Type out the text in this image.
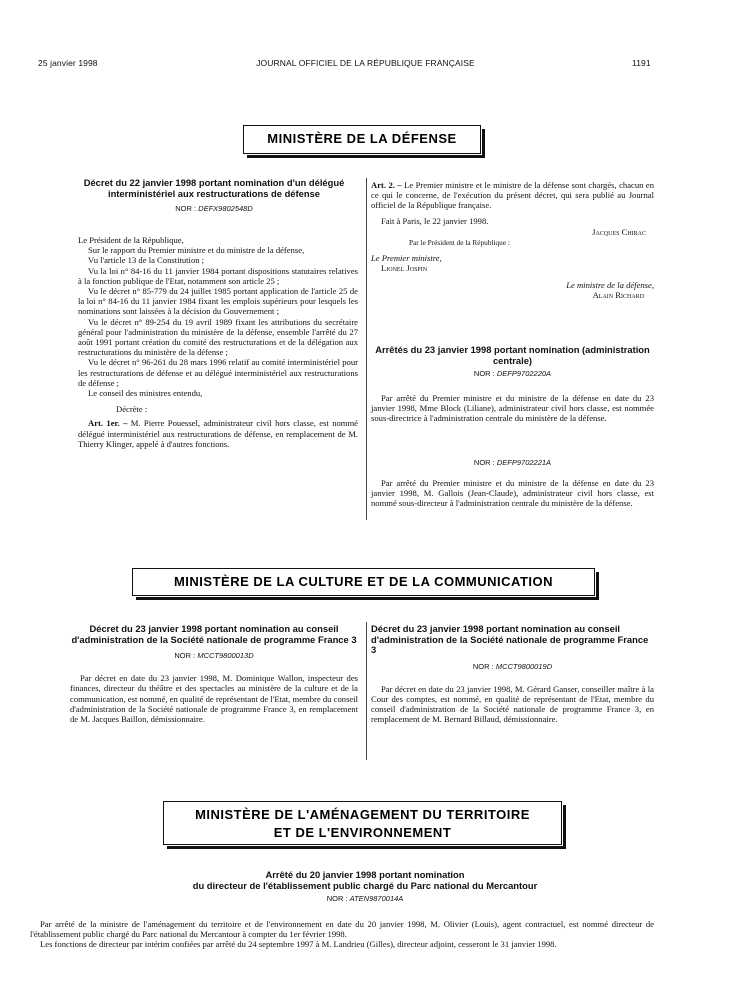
25 janvier 1998	JOURNAL OFFICIEL DE LA RÉPUBLIQUE FRANÇAISE	1191
MINISTÈRE DE LA DÉFENSE
Décret du 22 janvier 1998 portant nomination d'un délégué interministériel aux restructurations de défense
NOR : DEFX9802548D

Le Président de la République,

Sur le rapport du Premier ministre et du ministre de la défense,

Vu l'article 13 de la Constitution ;

Vu la loi n° 84-16 du 11 janvier 1984 portant dispositions statutaires relatives à la fonction publique de l'Etat, notamment son article 25 ;

Vu le décret n° 85-779 du 24 juillet 1985 portant application de l'article 25 de la loi n° 84-16 du 11 janvier 1984 fixant les emplois supérieurs pour lesquels les nominations sont laissées à la décision du Gouvernement ;

Vu le décret n° 89-254 du 19 avril 1989 fixant les attributions du secrétaire général pour l'administration du ministère de la défense, ensemble l'arrêté du 27 août 1991 portant création du comité des restructurations et de la délégation aux restructurations du ministère de la défense ;

Vu le décret n° 96-261 du 28 mars 1996 relatif au comité interministériel pour les restructurations de défense et au délégué interministériel aux restructurations de défense ;

Le conseil des ministres entendu,

Décrète :

Art. 1er. – M. Pierre Pouessel, administrateur civil hors classe, est nommé délégué interministériel aux restructurations de défense, en remplacement de M. Thierry Klinger, appelé à d'autres fonctions.

Art. 2. – Le Premier ministre et le ministre de la défense sont chargés, chacun en ce qui le concerne, de l'exécution du présent décret, qui sera publié au Journal officiel de la République française.

Fait à Paris, le 22 janvier 1998.

Jacques Chirac
Par le Président de la République :
Le Premier ministre,
Lionel Jospin
Le ministre de la défense,
Alain Richard
Arrêtés du 23 janvier 1998 portant nomination (administration centrale)
NOR : DEFP9702220A

Par arrêté du Premier ministre et du ministre de la défense en date du 23 janvier 1998, Mme Block (Liliane), administrateur civil hors classe, est nommée sous-directrice à l'administration centrale du ministère de la défense.

NOR : DEFP9702221A

Par arrêté du Premier ministre et du ministre de la défense en date du 23 janvier 1998, M. Gallois (Jean-Claude), administrateur civil hors classe, est nommé sous-directeur à l'administration centrale du ministère de la défense.

MINISTÈRE DE LA CULTURE ET DE LA COMMUNICATION
Décret du 23 janvier 1998 portant nomination au conseil d'administration de la Société nationale de programme France 3
NOR : MCCT9800013D

Par décret en date du 23 janvier 1998, M. Dominique Wallon, inspecteur des finances, directeur du théâtre et des spectacles au ministère de la culture et de la communication, est nommé, en qualité de représentant de l'Etat, membre du conseil d'administration de la Société nationale de programme France 3, en remplacement de M. Jacques Baillon, démissionnaire.

Décret du 23 janvier 1998 portant nomination au conseil d'administration de la Société nationale de programme France 3
NOR : MCCT9800019D

Par décret en date du 23 janvier 1998, M. Gérard Ganser, conseiller maître à la Cour des comptes, est nommé, en qualité de représentant de l'Etat, membre du conseil d'administration de la Société nationale de programme France 3, en remplacement de M. Bernard Billaud, démissionnaire.

MINISTÈRE DE L'AMÉNAGEMENT DU TERRITOIRE
ET DE L'ENVIRONNEMENT
Arrêté du 20 janvier 1998 portant nomination
du directeur de l'établissement public chargé du Parc national du Mercantour
NOR : ATEN9870014A

Par arrêté de la ministre de l'aménagement du territoire et de l'environnement en date du 20 janvier 1998, M. Olivier (Louis), agent contractuel, est nommé directeur de l'établissement public chargé du Parc national du Mercantour à compter du 1er février 1998.

Les fonctions de directeur par intérim confiées par arrêté du 24 septembre 1997 à M. Landrieu (Gilles), directeur adjoint, cesseront le 31 janvier 1998.
